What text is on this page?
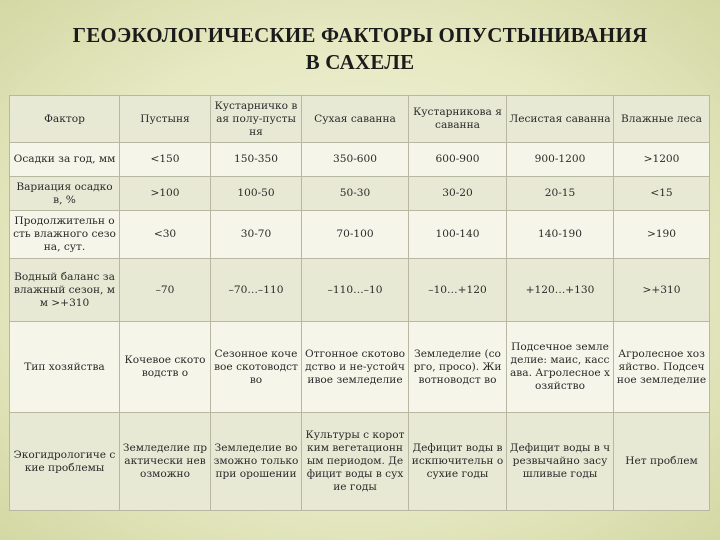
ГЕОЭКОЛОГИЧЕСКИЕ ФАКТОРЫ ОПУСТЫНИВАНИЯ
В САХЕЛЕ
Фактор	Пустыня	Кустарничко вая полу-пустыня	Сухая саванна	Кустарникова я саванна	Лесистая саванна	Влажные леса
Осадки за год, мм	<150	150-350	350-600	600-900	900-1200	>1200
Вариация осадков, %	>100	100-50	50-30	30-20	20-15	<15
Продолжительн ость влажного сезона, сут.	<30	30-70	70-100	100-140	140-190	>190
Водный баланс за влажный сезон, мм >+310	–70	–70…–110	–110…–10	–10…+120	+120…+130	>+310
Тип хозяйства	Кочевое скотоводств о	Сезонное кочевое скотоводство	Отгонное скотоводство и не-устойчивое земледелие	Земледелие (сорго, просо). Животноводст во	Подсечное земледелие: маис, кассава. Агролесное хозяйство	Агролесное хозяйство. Подсечное земледелие
Экогидрологиче ские проблемы	Земледелие практически невозможно	Земледелие возможно только при орошении	Культуры с коротким вегетационным периодом. Дефицит воды в сухие годы	Дефицит воды в искпючительн о сухие годы	Дефицит воды в чрезвычайно засушливые годы	Нет проблем
